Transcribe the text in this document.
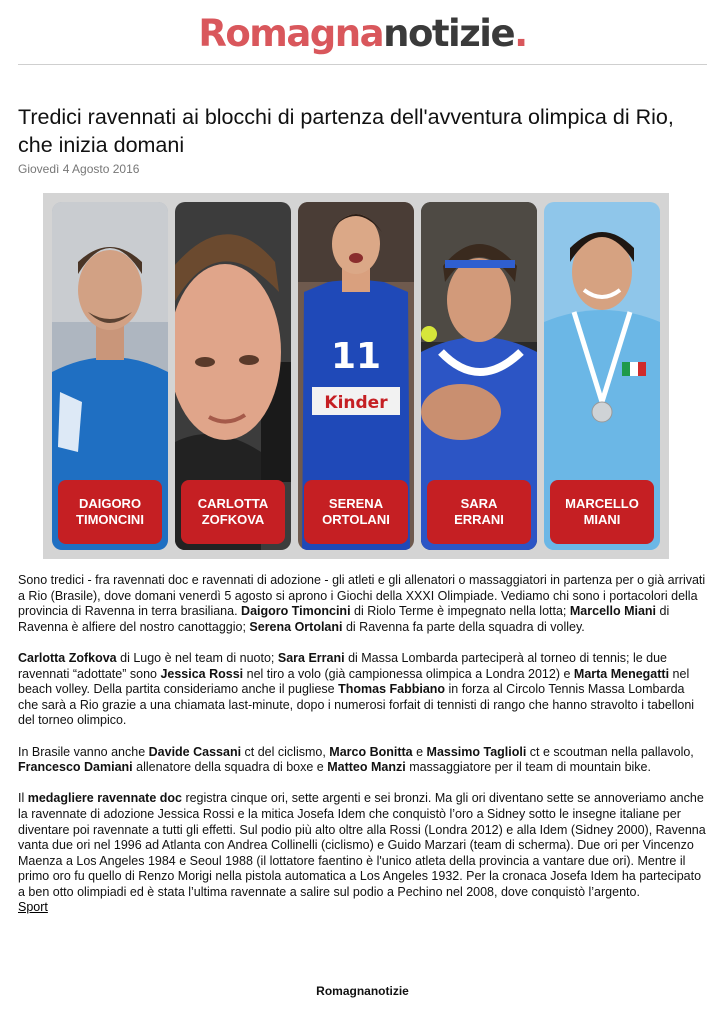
Romagnanotizie.
Tredici ravennati ai blocchi di partenza dell'avventura olimpica di Rio, che inizia domani
Giovedì 4 Agosto 2016
DAIGORO
TIMONCINI
CARLOTTA
ZOFKOVA
11
Kinder
SERENA
ORTOLANI
SARA
ERRANI
MARCELLO
MIANI

Sono tredici - fra ravennati doc e ravennati di adozione - gli atleti e gli allenatori o massaggiatori in partenza per o già arrivati a Rio (Brasile), dove domani venerdì 5 agosto si aprono i Giochi della XXXI Olimpiade. Vediamo chi sono i portacolori della provincia di Ravenna in terra brasiliana. Daigoro Timoncini di Riolo Terme è impegnato nella lotta; Marcello Miani di Ravenna è alfiere del nostro canottaggio; Serena Ortolani di Ravenna fa parte della squadra di volley.

Carlotta Zofkova di Lugo è nel team di nuoto; Sara Errani di Massa Lombarda parteciperà al torneo di tennis; le due ravennati “adottate” sono Jessica Rossi nel tiro a volo (già campionessa olimpica a Londra 2012) e Marta Menegatti nel beach volley. Della partita consideriamo anche il pugliese Thomas Fabbiano in forza al Circolo Tennis Massa Lombarda che sarà a Rio grazie a una chiamata last-minute, dopo i numerosi forfait di tennisti di rango che hanno stravolto i tabelloni del torneo olimpico.

In Brasile vanno anche Davide Cassani ct del ciclismo, Marco Bonitta e Massimo Taglioli ct e scoutman nella pallavolo, Francesco Damiani allenatore della squadra di boxe e Matteo Manzi massaggiatore per il team di mountain bike.

Il medagliere ravennate doc registra cinque ori, sette argenti e sei bronzi. Ma gli ori diventano sette se annoveriamo anche la ravennate di adozione Jessica Rossi e la mitica Josefa Idem che conquistò l’oro a Sidney sotto le insegne italiane per diventare poi ravennate a tutti gli effetti. Sul podio più alto oltre alla Rossi (Londra 2012) e alla Idem (Sidney 2000), Ravenna vanta due ori nel 1996 ad Atlanta con Andrea Collinelli (ciclismo) e Guido Marzari (team di scherma). Due ori per Vincenzo Maenza a Los Angeles 1984 e Seoul 1988 (il lottatore faentino è l'unico atleta della provincia a vantare due ori). Mentre il primo oro fu quello di Renzo Morigi nella pistola automatica a Los Angeles 1932. Per la cronaca Josefa Idem ha partecipato a ben otto olimpiadi ed è stata l’ultima ravennate a salire sul podio a Pechino nel 2008, dove conquistò l’argento.
Sport

Romagnanotizie
